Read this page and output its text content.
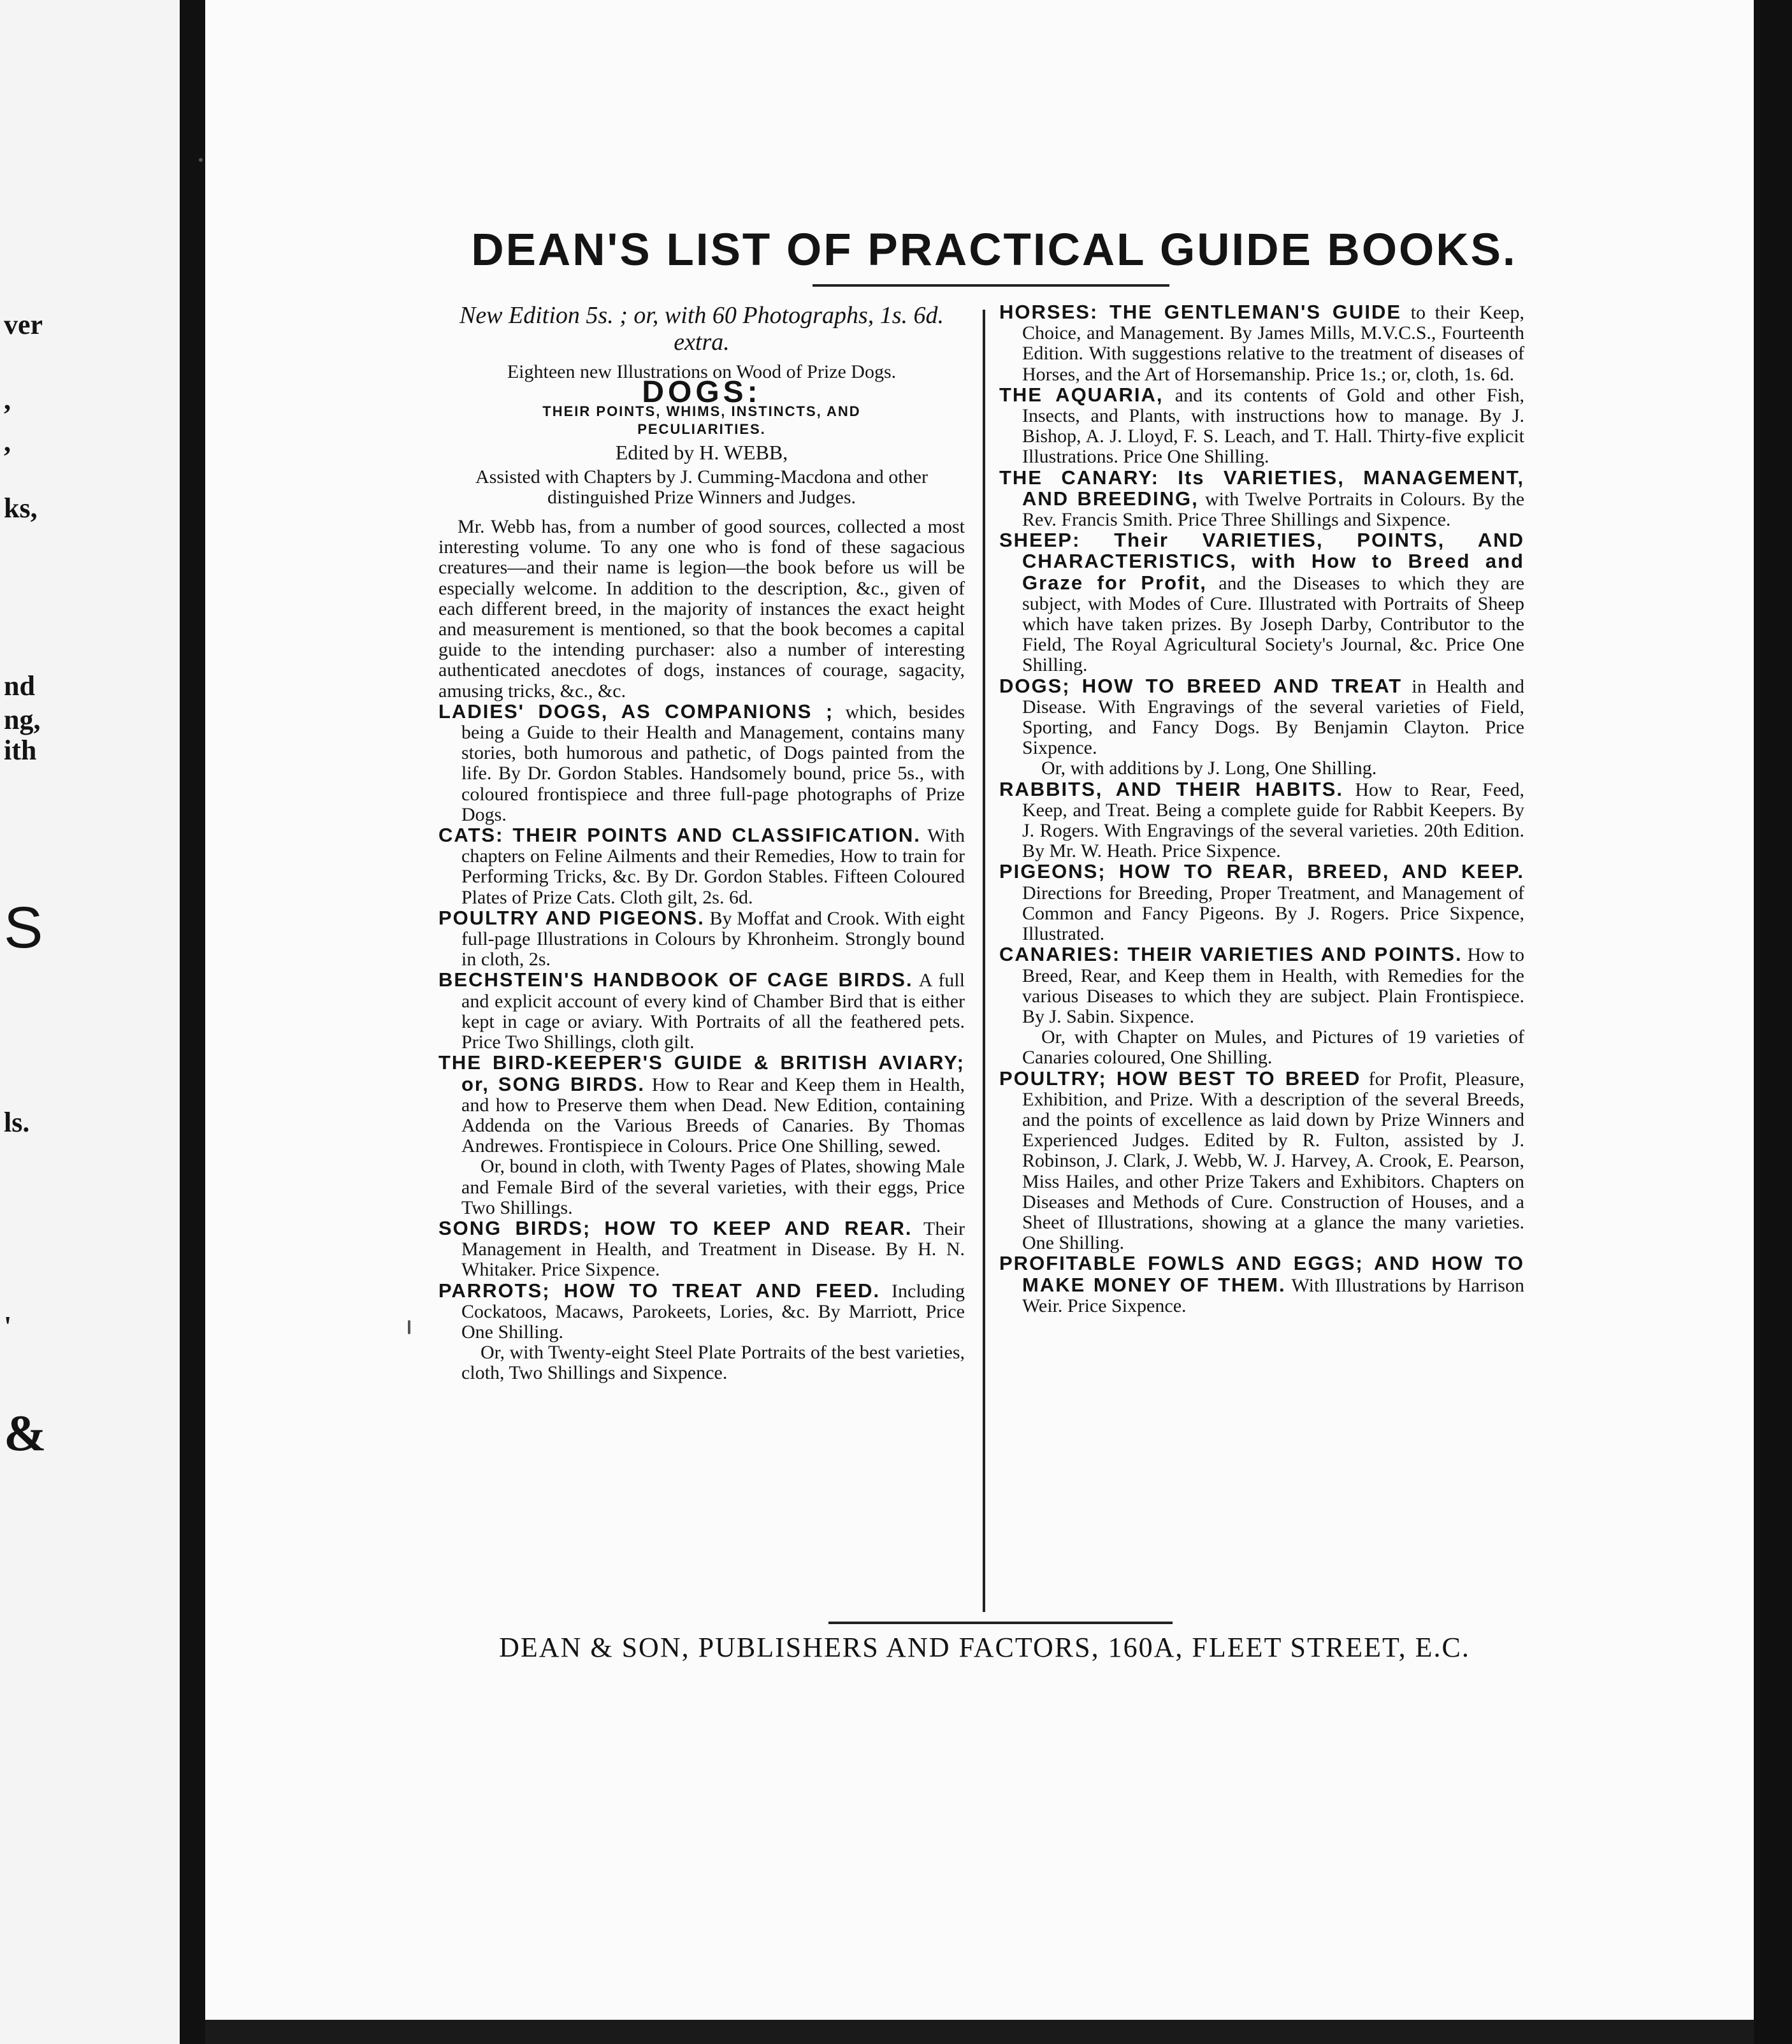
ver
,
,
ks,
nd
ng,
ith
S
ls.
'
&
DEAN'S LIST OF PRACTICAL GUIDE BOOKS.

New Edition 5s. ; or, with 60 Photographs, 1s. 6d. extra.

Eighteen new Illustrations on Wood of Prize Dogs.

DOGS:

THEIR POINTS, WHIMS, INSTINCTS, AND PECULIARITIES.

Edited by H. WEBB,

Assisted with Chapters by J. Cumming-Macdona and other distinguished Prize Winners and Judges.

Mr. Webb has, from a number of good sources, collected a most interesting volume. To any one who is fond of these sagacious creatures—and their name is legion—the book before us will be especially welcome. In addition to the description, &c., given of each different breed, in the majority of instances the exact height and measurement is mentioned, so that the book becomes a capital guide to the intending purchaser: also a number of interesting authenticated anecdotes of dogs, instances of courage, sagacity, amusing tricks, &c., &c.

LADIES' DOGS, AS COMPANIONS ; which, besides being a Guide to their Health and Management, contains many stories, both humorous and pathetic, of Dogs painted from the life. By Dr. Gordon Stables. Handsomely bound, price 5s., with coloured frontispiece and three full-page photographs of Prize Dogs.

CATS: THEIR POINTS AND CLASSIFICATION. With chapters on Feline Ailments and their Remedies, How to train for Performing Tricks, &c. By Dr. Gordon Stables. Fifteen Coloured Plates of Prize Cats. Cloth gilt, 2s. 6d.

POULTRY AND PIGEONS. By Moffat and Crook. With eight full-page Illustrations in Colours by Khronheim. Strongly bound in cloth, 2s.

BECHSTEIN'S HANDBOOK OF CAGE BIRDS. A full and explicit account of every kind of Chamber Bird that is either kept in cage or aviary. With Portraits of all the feathered pets. Price Two Shillings, cloth gilt.

THE BIRD-KEEPER'S GUIDE & BRITISH AVIARY; or, SONG BIRDS. How to Rear and Keep them in Health, and how to Preserve them when Dead. New Edition, containing Addenda on the Various Breeds of Canaries. By Thomas Andrewes. Frontispiece in Colours. Price One Shilling, sewed.

Or, bound in cloth, with Twenty Pages of Plates, showing Male and Female Bird of the several varieties, with their eggs, Price Two Shillings.

SONG BIRDS; HOW TO KEEP AND REAR. Their Management in Health, and Treatment in Disease. By H. N. Whitaker. Price Sixpence.

PARROTS; HOW TO TREAT AND FEED. Including Cockatoos, Macaws, Parokeets, Lories, &c. By Marriott, Price One Shilling.

Or, with Twenty-eight Steel Plate Portraits of the best varieties, cloth, Two Shillings and Sixpence.

HORSES: THE GENTLEMAN'S GUIDE to their Keep, Choice, and Management. By James Mills, M.V.C.S., Fourteenth Edition. With suggestions relative to the treatment of diseases of Horses, and the Art of Horsemanship. Price 1s.; or, cloth, 1s. 6d.

THE AQUARIA, and its contents of Gold and other Fish, Insects, and Plants, with instructions how to manage. By J. Bishop, A. J. Lloyd, F. S. Leach, and T. Hall. Thirty-five explicit Illustrations. Price One Shilling.

THE CANARY: Its VARIETIES, MANAGEMENT, AND BREEDING, with Twelve Portraits in Colours. By the Rev. Francis Smith. Price Three Shillings and Sixpence.

SHEEP: Their VARIETIES, POINTS, AND CHARACTERISTICS, with How to Breed and Graze for Profit, and the Diseases to which they are subject, with Modes of Cure. Illustrated with Portraits of Sheep which have taken prizes. By Joseph Darby, Contributor to the Field, The Royal Agricultural Society's Journal, &c. Price One Shilling.

DOGS; HOW TO BREED AND TREAT in Health and Disease. With Engravings of the several varieties of Field, Sporting, and Fancy Dogs. By Benjamin Clayton. Price Sixpence.

Or, with additions by J. Long, One Shilling.

RABBITS, AND THEIR HABITS. How to Rear, Feed, Keep, and Treat. Being a complete guide for Rabbit Keepers. By J. Rogers. With Engravings of the several varieties. 20th Edition. By Mr. W. Heath. Price Sixpence.

PIGEONS; HOW TO REAR, BREED, AND KEEP. Directions for Breeding, Proper Treatment, and Management of Common and Fancy Pigeons. By J. Rogers. Price Sixpence, Illustrated.

CANARIES: THEIR VARIETIES AND POINTS. How to Breed, Rear, and Keep them in Health, with Remedies for the various Diseases to which they are subject. Plain Frontispiece. By J. Sabin. Sixpence.

Or, with Chapter on Mules, and Pictures of 19 varieties of Canaries coloured, One Shilling.

POULTRY; HOW BEST TO BREED for Profit, Pleasure, Exhibition, and Prize. With a description of the several Breeds, and the points of excellence as laid down by Prize Winners and Experienced Judges. Edited by R. Fulton, assisted by J. Robinson, J. Clark, J. Webb, W. J. Harvey, A. Crook, E. Pearson, Miss Hailes, and other Prize Takers and Exhibitors. Chapters on Diseases and Methods of Cure. Construction of Houses, and a Sheet of Illustrations, showing at a glance the many varieties. One Shilling.

PROFITABLE FOWLS AND EGGS; AND HOW TO MAKE MONEY OF THEM. With Illustrations by Harrison Weir. Price Sixpence.

DEAN & SON, PUBLISHERS AND FACTORS, 160A, FLEET STREET, E.C.
